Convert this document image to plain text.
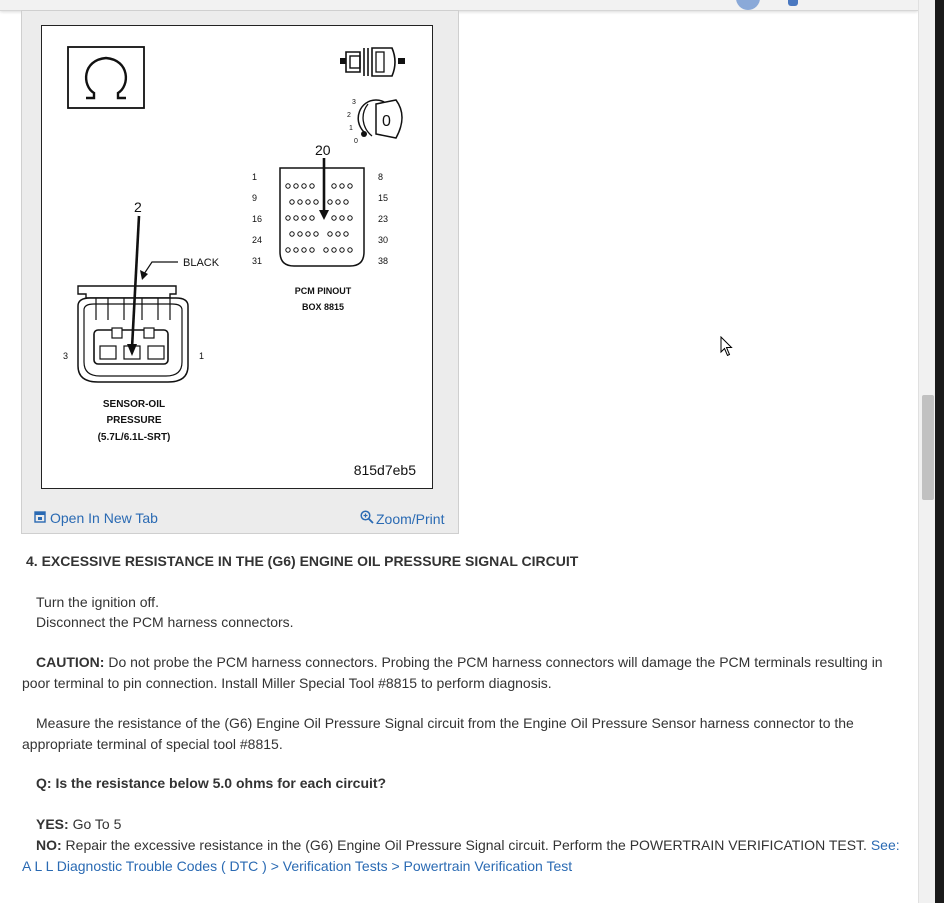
3
2
1
0
0
20
1
9
16
24
31
8
15
23
30
38
PCM PINOUT
BOX 8815
2
BLACK
3	1
SENSOR-OIL
PRESSURE
(5.7L/6.1L-SRT)
815d7eb5
Open In New Tab	Zoom/Print
4. EXCESSIVE RESISTANCE IN THE (G6) ENGINE OIL PRESSURE SIGNAL CIRCUIT
Turn the ignition off.
Disconnect the PCM harness connectors.
CAUTION: Do not probe the PCM harness connectors. Probing the PCM harness connectors will damage the PCM terminals resulting in poor terminal to pin connection. Install Miller Special Tool #8815 to perform diagnosis.
Measure the resistance of the (G6) Engine Oil Pressure Signal circuit from the Engine Oil Pressure Sensor harness connector to the appropriate terminal of special tool #8815.
Q: Is the resistance below 5.0 ohms for each circuit?
YES: Go To 5
NO: Repair the excessive resistance in the (G6) Engine Oil Pressure Signal circuit. Perform the POWERTRAIN VERIFICATION TEST. See: A L L Diagnostic Trouble Codes ( DTC ) > Verification Tests > Powertrain Verification Test
